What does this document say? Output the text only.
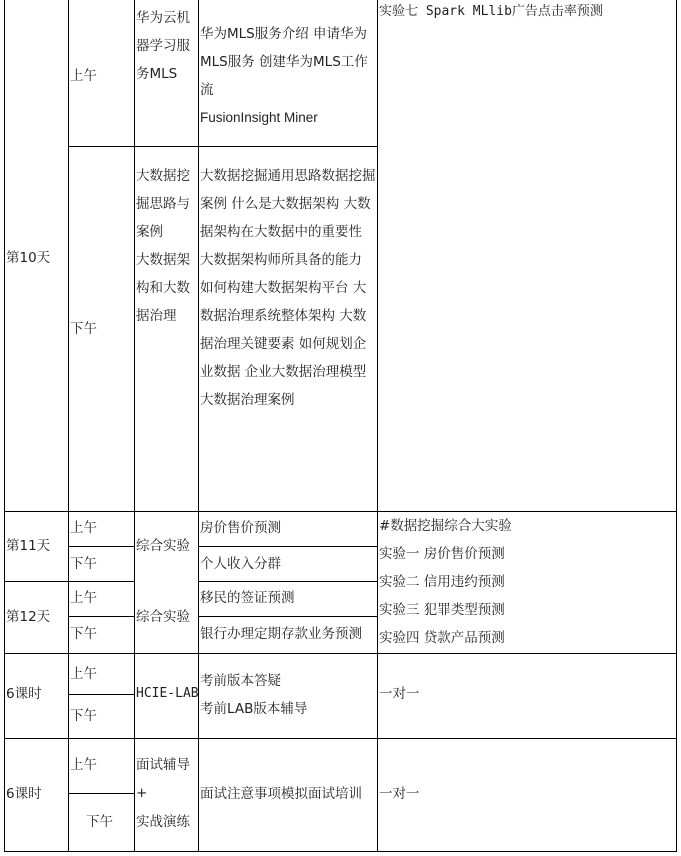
第10天
上午
下午
华为云机器学习服务MLS
大数据挖掘思路与案例
大数据架构和大数据治理
华为MLS服务介绍 申请华为MLS服务 创建华为MLS工作流
FusionInsight Miner
大数据挖掘通用思路数据挖掘案例 什么是大数据架构 大数据架构在大数据中的重要性 大数据架构师所具备的能力 如何构建大数据架构平台 大数据治理系统整体架构 大数据治理关键要素 如何规划企业数据 企业大数据治理模型大数据治理案例
实验七 Spark MLlib广告点击率预测
第11天
上午
下午
综合实验
房价售价预测
个人收入分群
第12天
上午
下午
综合实验
移民的签证预测
银行办理定期存款业务预测
#数据挖掘综合大实验
实验一 房价售价预测
实验二 信用违约预测
实验三 犯罪类型预测
实验四 贷款产品预测
6课时
上午
下午
HCIE-LAB
考前版本答疑
考前LAB版本辅导
一对一
6课时
上午
下午
面试辅导
+
实战演练
面试注意事项模拟面试培训 一对一
